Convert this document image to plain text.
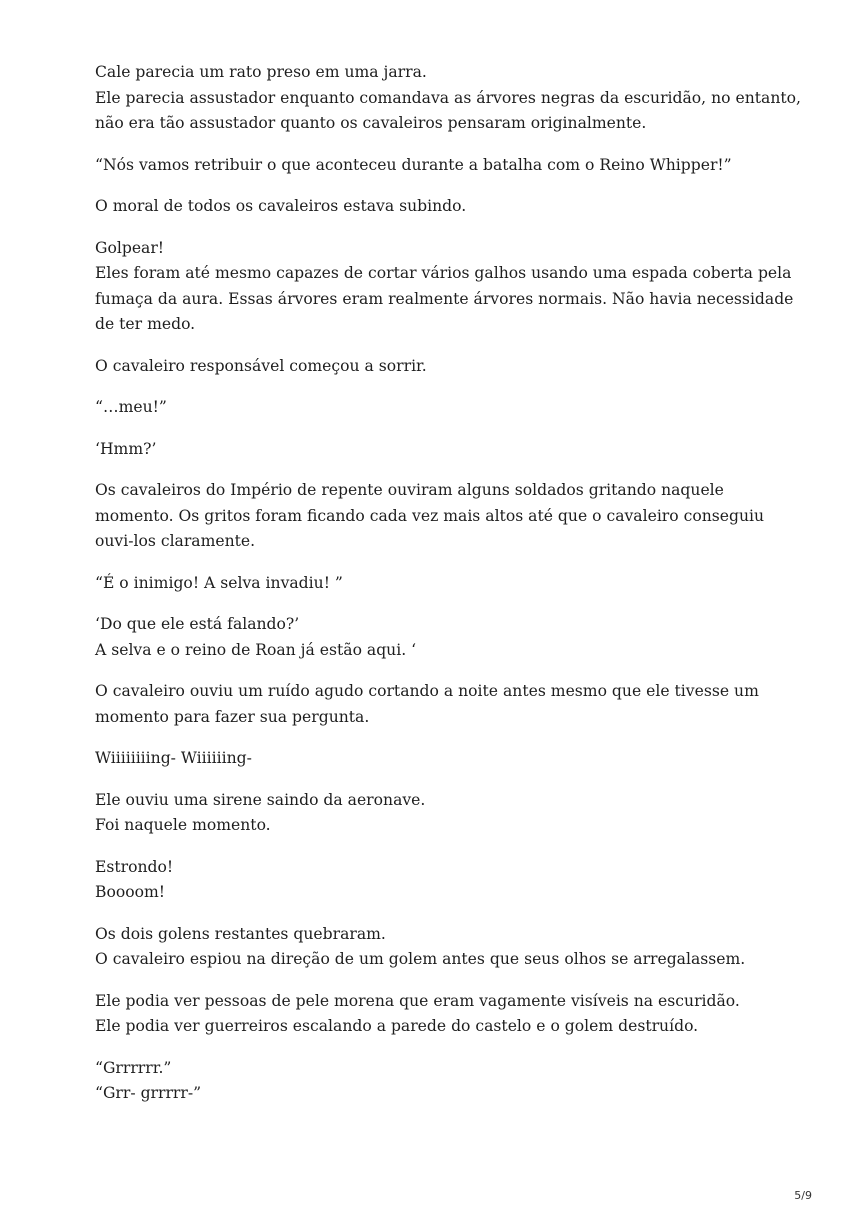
Cale parecia um rato preso em uma jarra.
Ele parecia assustador enquanto comandava as árvores negras da escuridão, no entanto,
não era tão assustador quanto os cavaleiros pensaram originalmente.

“Nós vamos retribuir o que aconteceu durante a batalha com o Reino Whipper!”

O moral de todos os cavaleiros estava subindo.

Golpear!
Eles foram até mesmo capazes de cortar vários galhos usando uma espada coberta pela
fumaça da aura. Essas árvores eram realmente árvores normais. Não havia necessidade
de ter medo.

O cavaleiro responsável começou a sorrir.

“…meu!”

‘Hmm?’

Os cavaleiros do Império de repente ouviram alguns soldados gritando naquele
momento. Os gritos foram ficando cada vez mais altos até que o cavaleiro conseguiu
ouvi-los claramente.

“É o inimigo! A selva invadiu! ”

‘Do que ele está falando?’
A selva e o reino de Roan já estão aqui. ‘

O cavaleiro ouviu um ruído agudo cortando a noite antes mesmo que ele tivesse um
momento para fazer sua pergunta.

Wiiiiiiiing- Wiiiiiing-

Ele ouviu uma sirene saindo da aeronave.
Foi naquele momento.

Estrondo!
Boooom!

Os dois golens restantes quebraram.
O cavaleiro espiou na direção de um golem antes que seus olhos se arregalassem.

Ele podia ver pessoas de pele morena que eram vagamente visíveis na escuridão.
Ele podia ver guerreiros escalando a parede do castelo e o golem destruído.

“Grrrrrr.”
“Grr- grrrrr-”

5/9
